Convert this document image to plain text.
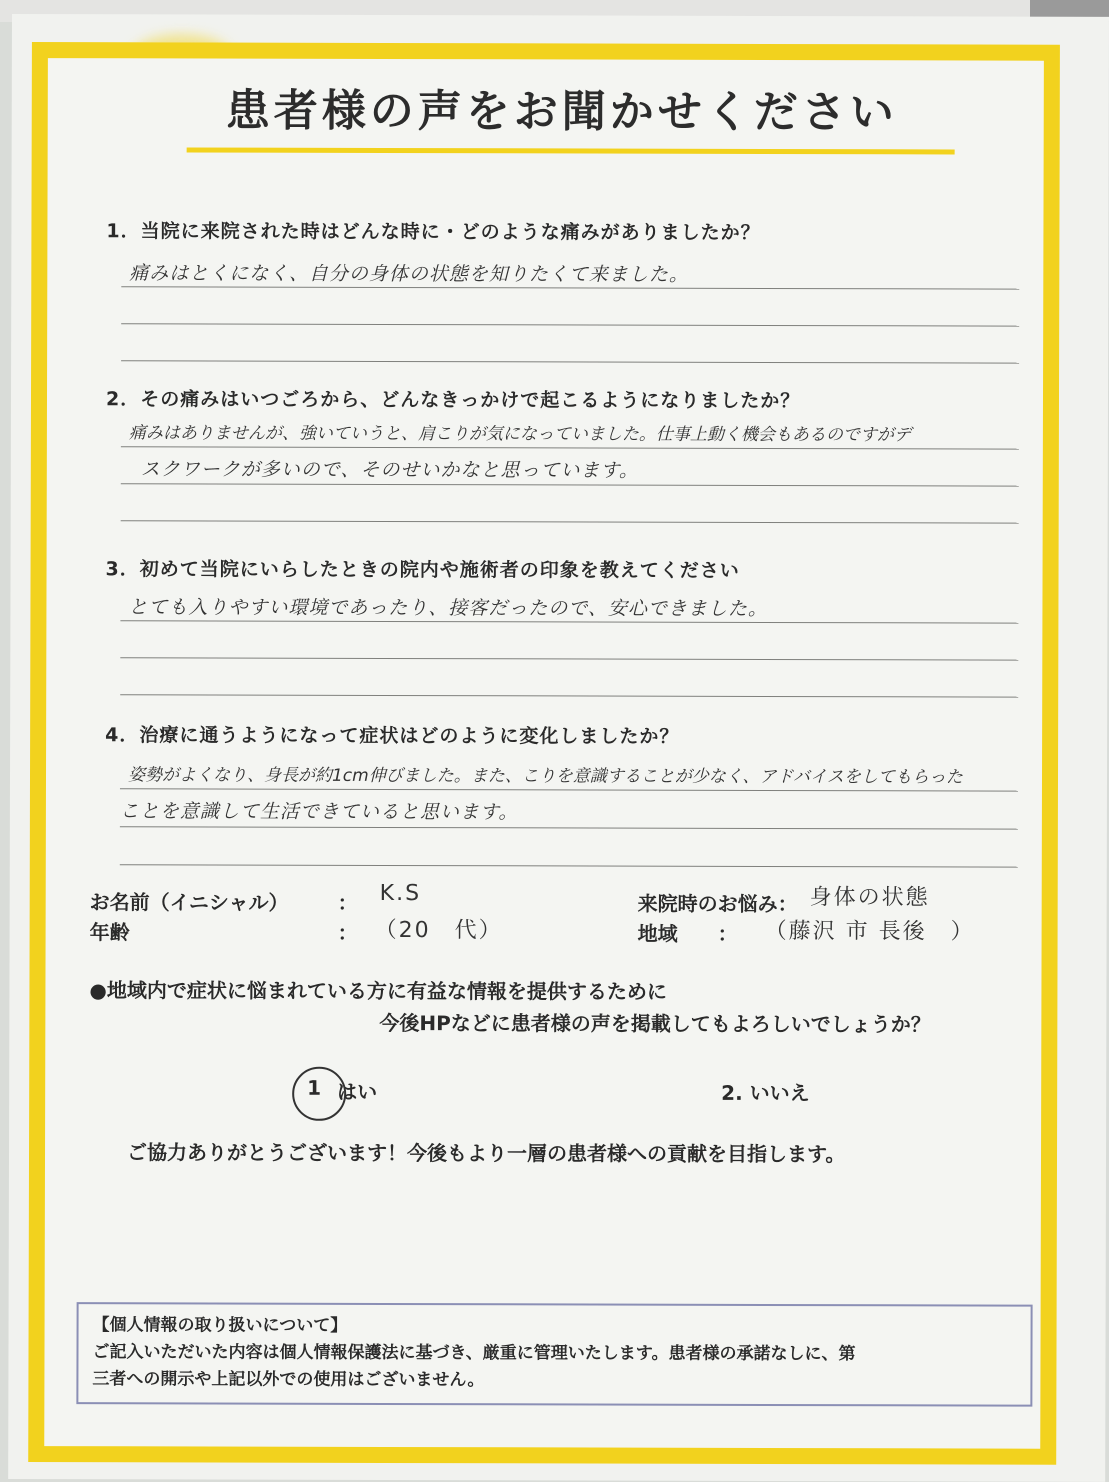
患者様の声をお聞かせください
1．当院に来院された時はどんな時に・どのような痛みがありましたか？
痛みはとくになく、自分の身体の状態を知りたくて来ました。
2．その痛みはいつごろから、どんなきっかけで起こるようになりましたか？
痛みはありませんが、強いていうと、肩こりが気になっていました。仕事上動く機会もあるのですがデ
スクワークが多いので、そのせいかなと思っています。
3．初めて当院にいらしたときの院内や施術者の印象を教えてください
とても入りやすい環境であったり、接客だったので、安心できました。
4．治療に通うようになって症状はどのように変化しましたか？
姿勢がよくなり、身長が約1cm伸びました。また、こりを意識することが少なく、アドバイスをしてもらった
ことを意識して生活できていると思います。
お名前（イニシャル） ： K.S	来院時のお悩み： 身体の状態
年齢	： （20　代）	地域 ： （藤沢 市 長後　）
●地域内で症状に悩まれている方に有益な情報を提供するために
今後HPなどに患者様の声を掲載してもよろしいでしょうか？
1 はい	2. いいえ
ご協力ありがとうございます！今後もより一層の患者様への貢献を目指します。
【個人情報の取り扱いについて】
ご記入いただいた内容は個人情報保護法に基づき、厳重に管理いたします。患者様の承諾なしに、第
三者への開示や上記以外での使用はございません。
